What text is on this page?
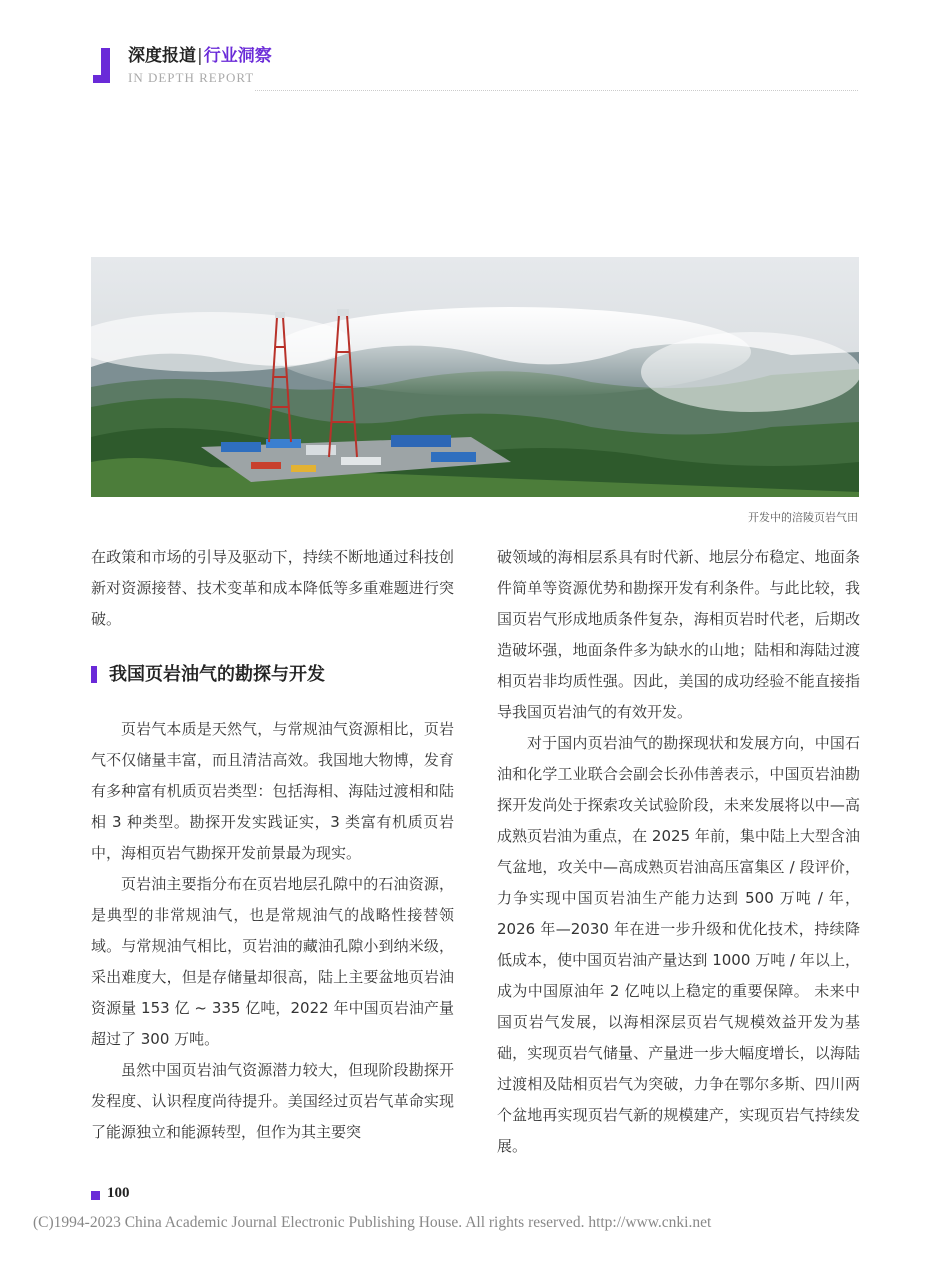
深度报道|行业洞察
IN DEPTH REPORT
开发中的涪陵页岩气田

在政策和市场的引导及驱动下，持续不断地通过科技创新对资源接替、技术变革和成本降低等多重难题进行突破。

我国页岩油气的勘探与开发

页岩气本质是天然气，与常规油气资源相比，页岩气不仅储量丰富，而且清洁高效。我国地大物博，发育有多种富有机质页岩类型：包括海相、海陆过渡相和陆相 3 种类型。勘探开发实践证实，3 类富有机质页岩中，海相页岩气勘探开发前景最为现实。

页岩油主要指分布在页岩地层孔隙中的石油资源，是典型的非常规油气，也是常规油气的战略性接替领域。与常规油气相比，页岩油的藏油孔隙小到纳米级，采出难度大，但是存储量却很高，陆上主要盆地页岩油资源量 153 亿 ~ 335 亿吨，2022 年中国页岩油产量超过了 300 万吨。

虽然中国页岩油气资源潜力较大，但现阶段勘探开发程度、认识程度尚待提升。美国经过页岩气革命实现了能源独立和能源转型，但作为其主要突

破领域的海相层系具有时代新、地层分布稳定、地面条件简单等资源优势和勘探开发有利条件。与此比较，我国页岩气形成地质条件复杂，海相页岩时代老，后期改造破坏强，地面条件多为缺水的山地；陆相和海陆过渡相页岩非均质性强。因此，美国的成功经验不能直接指导我国页岩油气的有效开发。

对于国内页岩油气的勘探现状和发展方向，中国石油和化学工业联合会副会长孙伟善表示，中国页岩油勘探开发尚处于探索攻关试验阶段，未来发展将以中—高成熟页岩油为重点，在 2025 年前，集中陆上大型含油气盆地，攻关中—高成熟页岩油高压富集区 / 段评价，力争实现中国页岩油生产能力达到 500 万吨 / 年，2026 年—2030 年在进一步升级和优化技术，持续降低成本，使中国页岩油产量达到 1000 万吨 / 年以上，成为中国原油年 2 亿吨以上稳定的重要保障。 未来中国页岩气发展，以海相深层页岩气规模效益开发为基础，实现页岩气储量、产量进一步大幅度增长，以海陆过渡相及陆相页岩气为突破，力争在鄂尔多斯、四川两个盆地再实现页岩气新的规模建产，实现页岩气持续发展。

100
(C)1994-2023 China Academic Journal Electronic Publishing House. All rights reserved. http://www.cnki.net
